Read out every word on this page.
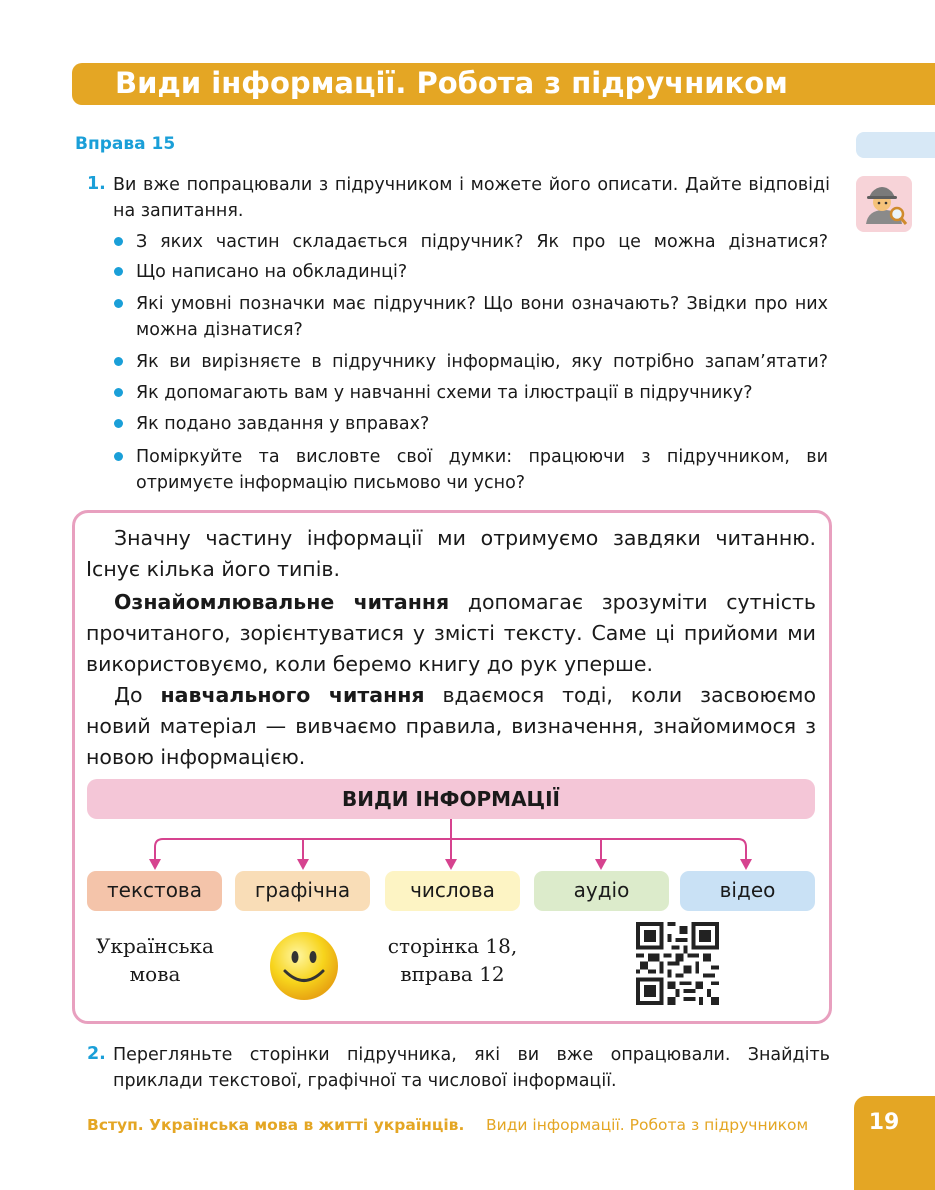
Види інформації. Робота з підручником
Вправа 15
1. Ви вже попрацювали з підручником і можете його описати. Дайте відповіді на запитання.
З яких частин складається підручник? Як про це можна дізнатися?
Що написано на обкладинці?
Які умовні позначки має підручник? Що вони означають? Звідки про них можна дізнатися?
Як ви вирізняєте в підручнику інформацію, яку потрібно запам’ятати?
Як допомагають вам у навчанні схеми та ілюстрації в підручнику?
Як подано завдання у вправах?
Поміркуйте та висловте свої думки: працюючи з підручником, ви отримуєте інформацію письмово чи усно?
Значну частину інформації ми отримуємо завдяки читанню. Існує кілька його типів.
Ознайомлювальне читання допомагає зрозуміти сутність прочитаного, зорієнтуватися у змісті тексту. Саме ці прийоми ми використовуємо, коли беремо книгу до рук уперше.
До навчального читання вдаємося тоді, коли засвоюємо новий матеріал — вивчаємо правила, визначення, знайомимося з новою інформацією.
ВИДИ ІНФОРМАЦІЇ
текстова	графічна	числова	аудіо	відео
Українська
мова
сторінка 18,
вправа 12
2. Перегляньте сторінки підручника, які ви вже опрацювали. Знайдіть приклади текстової, графічної та числової інформації.
Вступ. Українська мова в житті українців. Види інформації. Робота з підручником	19
